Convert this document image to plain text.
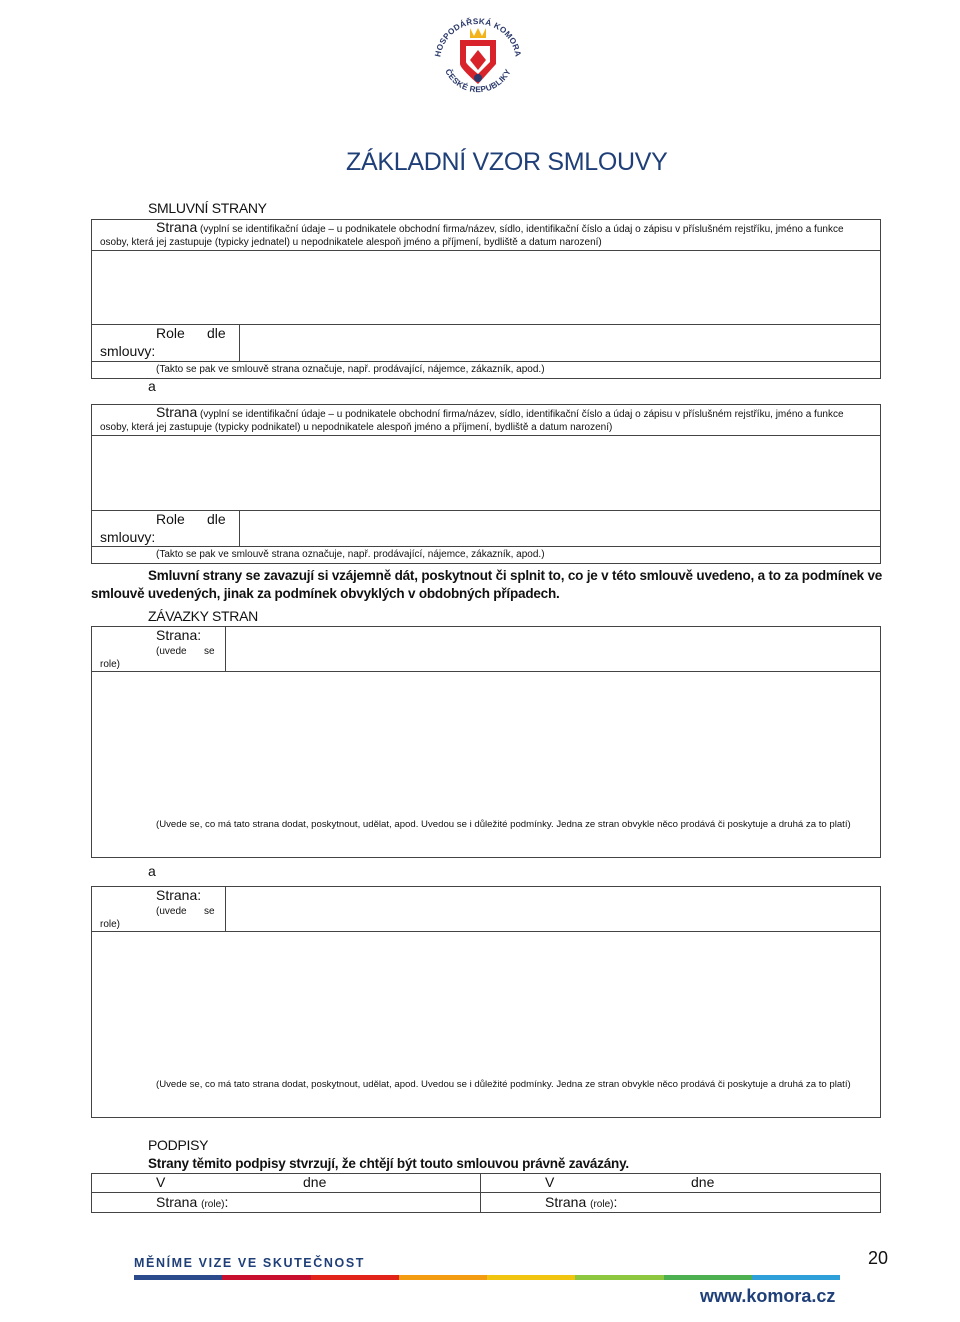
HOSPODÁŘSKÁ KOMORA
ČESKÉ REPUBLIKY
ZÁKLADNÍ VZOR SMLOUVY
SMLUVNÍ STRANY
Strana (vyplní se identifikační údaje – u podnikatele obchodní firma/název, sídlo, identifikační číslo a údaj o zápisu v příslušném rejstříku, jméno a funkce osoby, která jej zastupuje (typicky jednatel) u nepodnikatele alespoň jméno a příjmení, bydliště a datum narození)
Role dle
smlouvy:
(Takto se pak ve smlouvě strana označuje, např. prodávající, nájemce, zákazník, apod.)
a
Strana (vyplní se identifikační údaje – u podnikatele obchodní firma/název, sídlo, identifikační číslo a údaj o zápisu v příslušném rejstříku, jméno a funkce osoby, která jej zastupuje (typicky podnikatel) u nepodnikatele alespoň jméno a příjmení, bydliště a datum narození)
Role dle
smlouvy:
(Takto se pak ve smlouvě strana označuje, např. prodávající, nájemce, zákazník, apod.)
Smluvní strany se zavazují si vzájemně dát, poskytnout či splnit to, co je v této smlouvě uvedeno, a to za podmínek ve smlouvě uvedených, jinak za podmínek obvyklých v obdobných případech.
ZÁVAZKY STRAN
Strana:
(uvede se
role)
(Uvede se, co má tato strana dodat, poskytnout, udělat, apod. Uvedou se i důležité podmínky. Jedna ze stran obvykle něco prodává či poskytuje a druhá za to platí)
a
Strana:
(uvede se
role)
(Uvede se, co má tato strana dodat, poskytnout, udělat, apod. Uvedou se i důležité podmínky. Jedna ze stran obvykle něco prodává či poskytuje a druhá za to platí)
PODPISY
Strany těmito podpisy stvrzují, že chtějí být touto smlouvou právně zavázány.
V	dne
Strana (role):
V	dne
Strana (role):
20
MĚNÍME VIZE VE SKUTEČNOST
www.komora.cz
